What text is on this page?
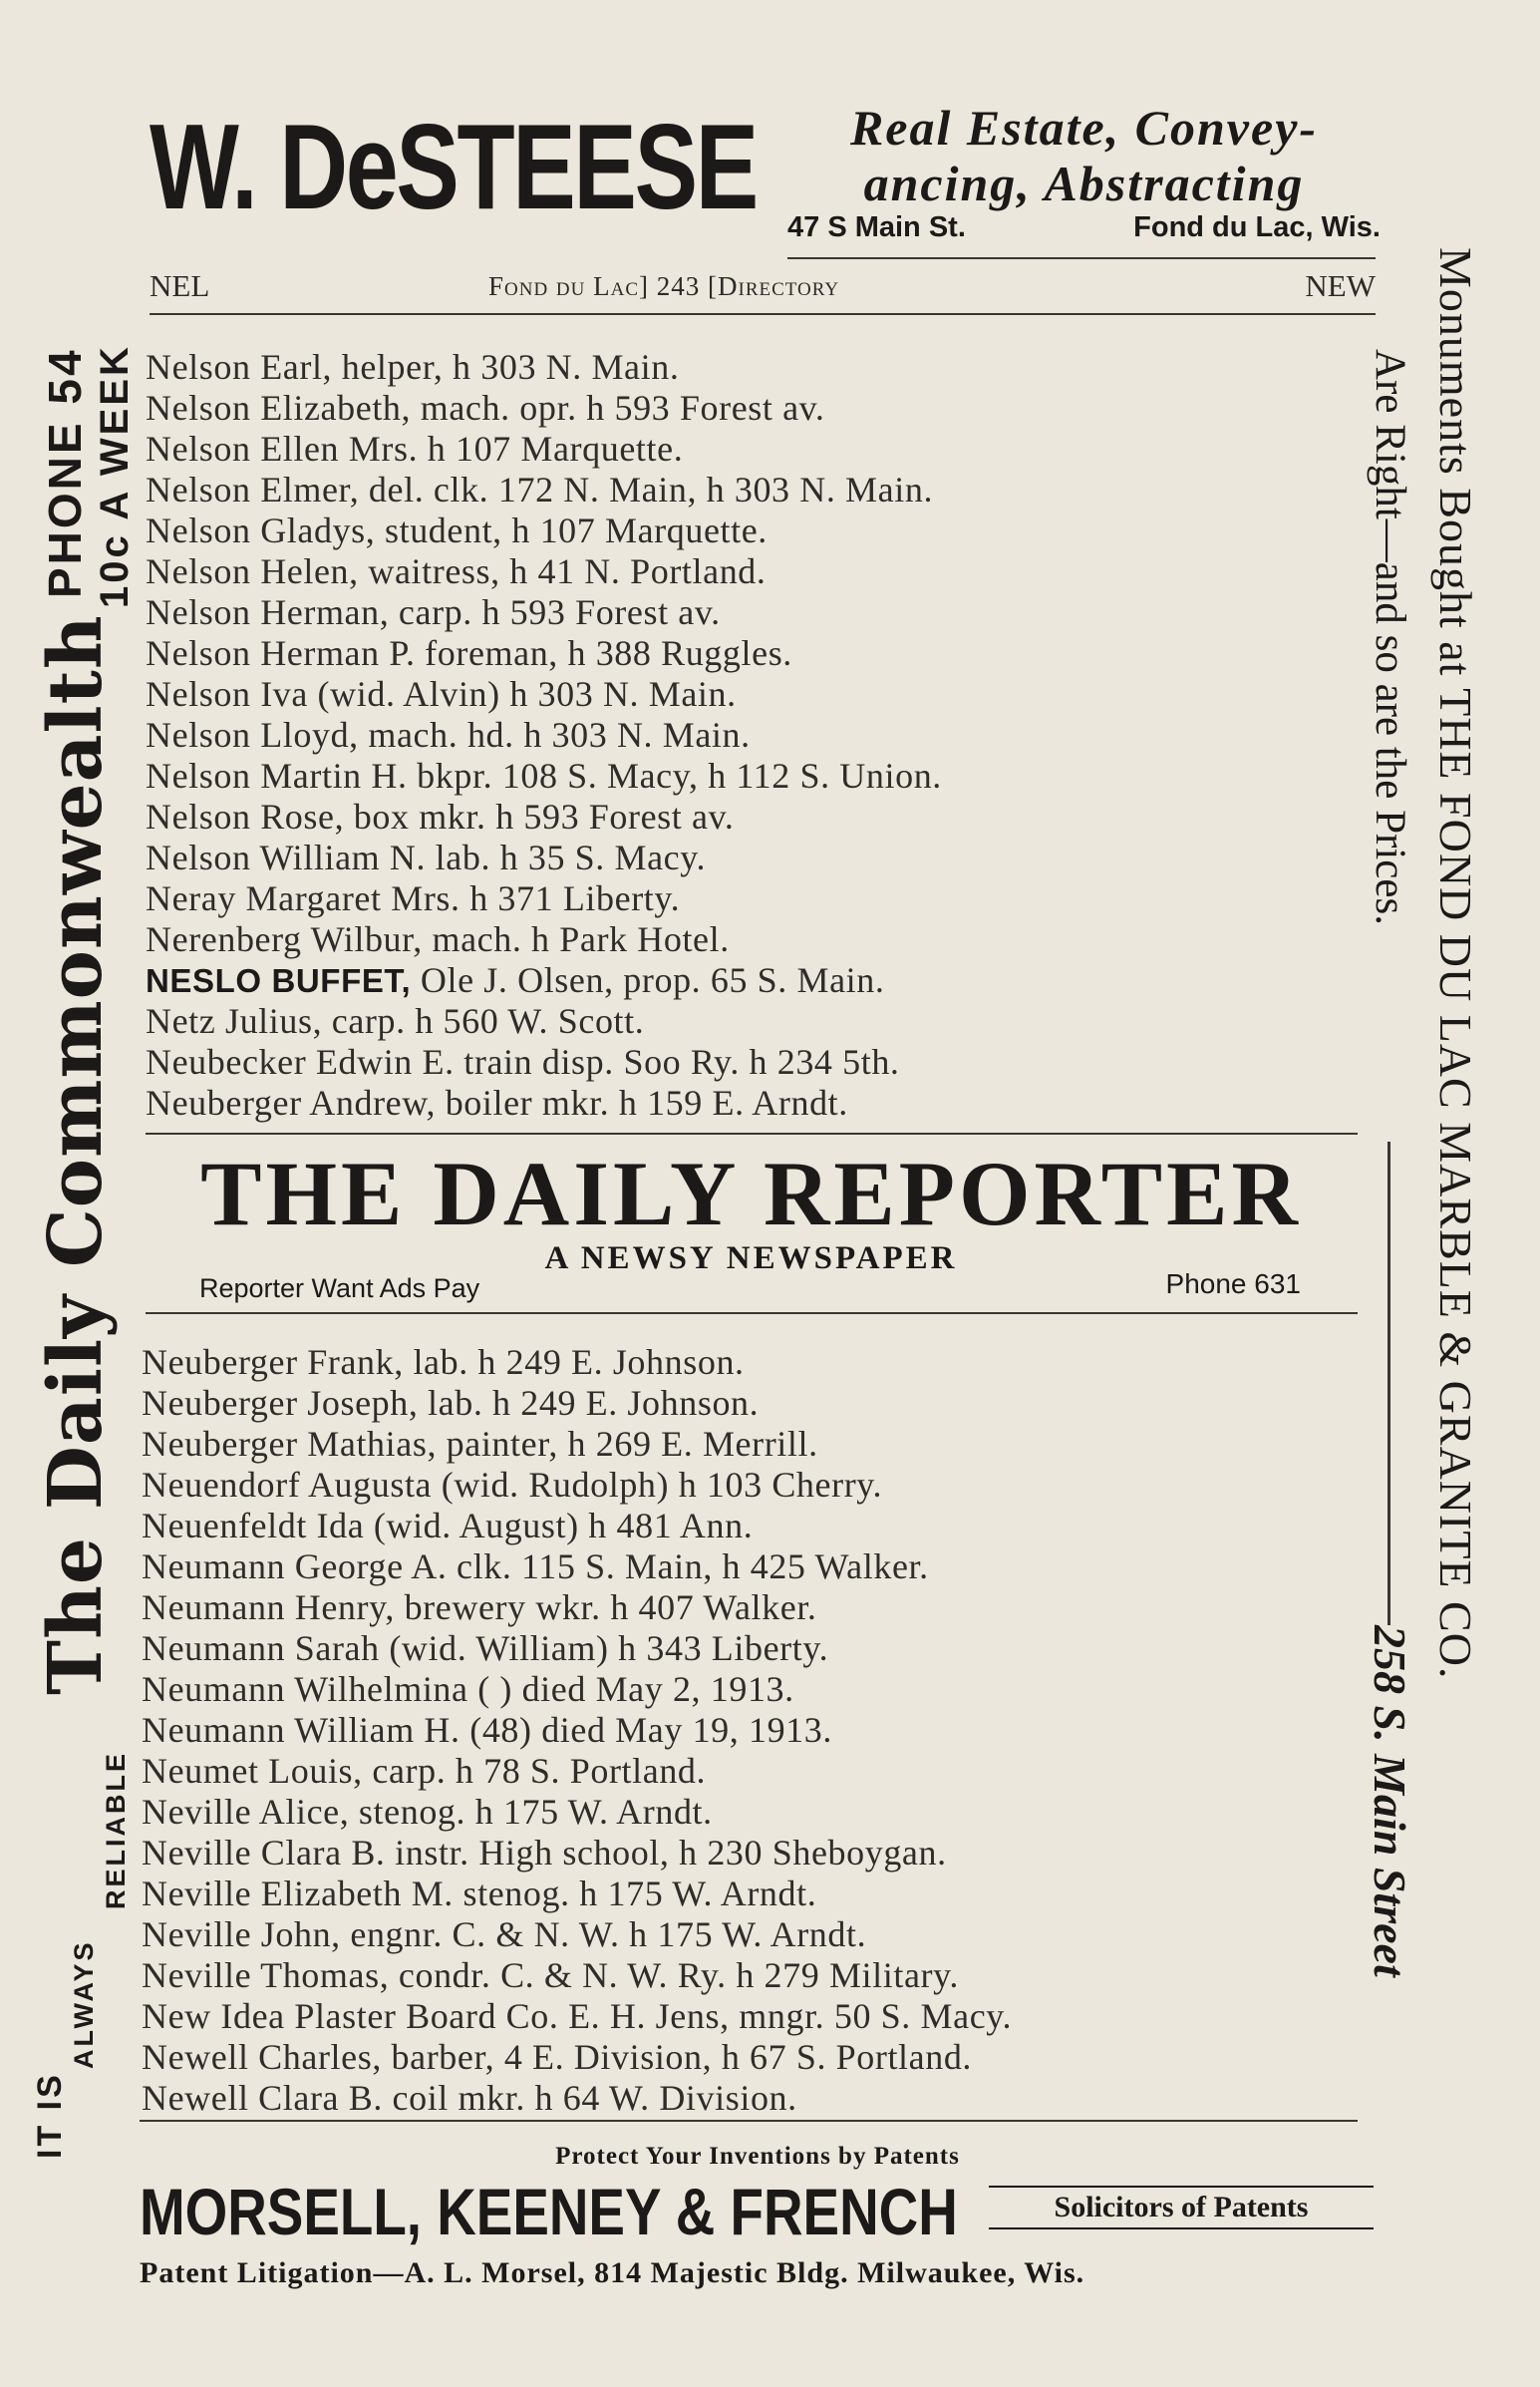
W. DeSTEESE	Real Estate, Convey-
ancing, Abstracting
47 S Main St.	Fond du Lac, Wis.
NEL	Fond du Lac] 243 [Directory	NEW
Nelson Earl, helper, h 303 N. Main.
Nelson Elizabeth, mach. opr. h 593 Forest av.
Nelson Ellen Mrs. h 107 Marquette.
Nelson Elmer, del. clk. 172 N. Main, h 303 N. Main.
Nelson Gladys, student, h 107 Marquette.
Nelson Helen, waitress, h 41 N. Portland.
Nelson Herman, carp. h 593 Forest av.
Nelson Herman P. foreman, h 388 Ruggles.
Nelson Iva (wid. Alvin) h 303 N. Main.
Nelson Lloyd, mach. hd. h 303 N. Main.
Nelson Martin H. bkpr. 108 S. Macy, h 112 S. Union.
Nelson Rose, box mkr. h 593 Forest av.
Nelson William N. lab. h 35 S. Macy.
Neray Margaret Mrs. h 371 Liberty.
Nerenberg Wilbur, mach. h Park Hotel.
NESLO BUFFET, Ole J. Olsen, prop. 65 S. Main.
Netz Julius, carp. h 560 W. Scott.
Neubecker Edwin E. train disp. Soo Ry. h 234 5th.
Neuberger Andrew, boiler mkr. h 159 E. Arndt.
THE DAILY REPORTER
A NEWSY NEWSPAPER
Reporter Want Ads Pay	Phone 631
Neuberger Frank, lab. h 249 E. Johnson.
Neuberger Joseph, lab. h 249 E. Johnson.
Neuberger Mathias, painter, h 269 E. Merrill.
Neuendorf Augusta (wid. Rudolph) h 103 Cherry.
Neuenfeldt Ida (wid. August) h 481 Ann.
Neumann George A. clk. 115 S. Main, h 425 Walker.
Neumann Henry, brewery wkr. h 407 Walker.
Neumann Sarah (wid. William) h 343 Liberty.
Neumann Wilhelmina ( ) died May 2, 1913.
Neumann William H. (48) died May 19, 1913.
Neumet Louis, carp. h 78 S. Portland.
Neville Alice, stenog. h 175 W. Arndt.
Neville Clara B. instr. High school, h 230 Sheboygan.
Neville Elizabeth M. stenog. h 175 W. Arndt.
Neville John, engnr. C. & N. W. h 175 W. Arndt.
Neville Thomas, condr. C. & N. W. Ry. h 279 Military.
New Idea Plaster Board Co. E. H. Jens, mngr. 50 S. Macy.
Newell Charles, barber, 4 E. Division, h 67 S. Portland.
Newell Clara B. coil mkr. h 64 W. Division.
Protect Your Inventions by Patents
MORSELL, KEENEY & FRENCH	Solicitors of Patents
Patent Litigation—A. L. Morsel, 814 Majestic Bldg. Milwaukee, Wis.
PHONE 54 10c A WEEK
The Daily Commonwealth
IT IS
ALWAYS
RELIABLE
Monuments Bought at THE FOND DU LAC MARBLE & GRANITE CO.
Are Right—and so are the Prices.
258 S. Main Street
